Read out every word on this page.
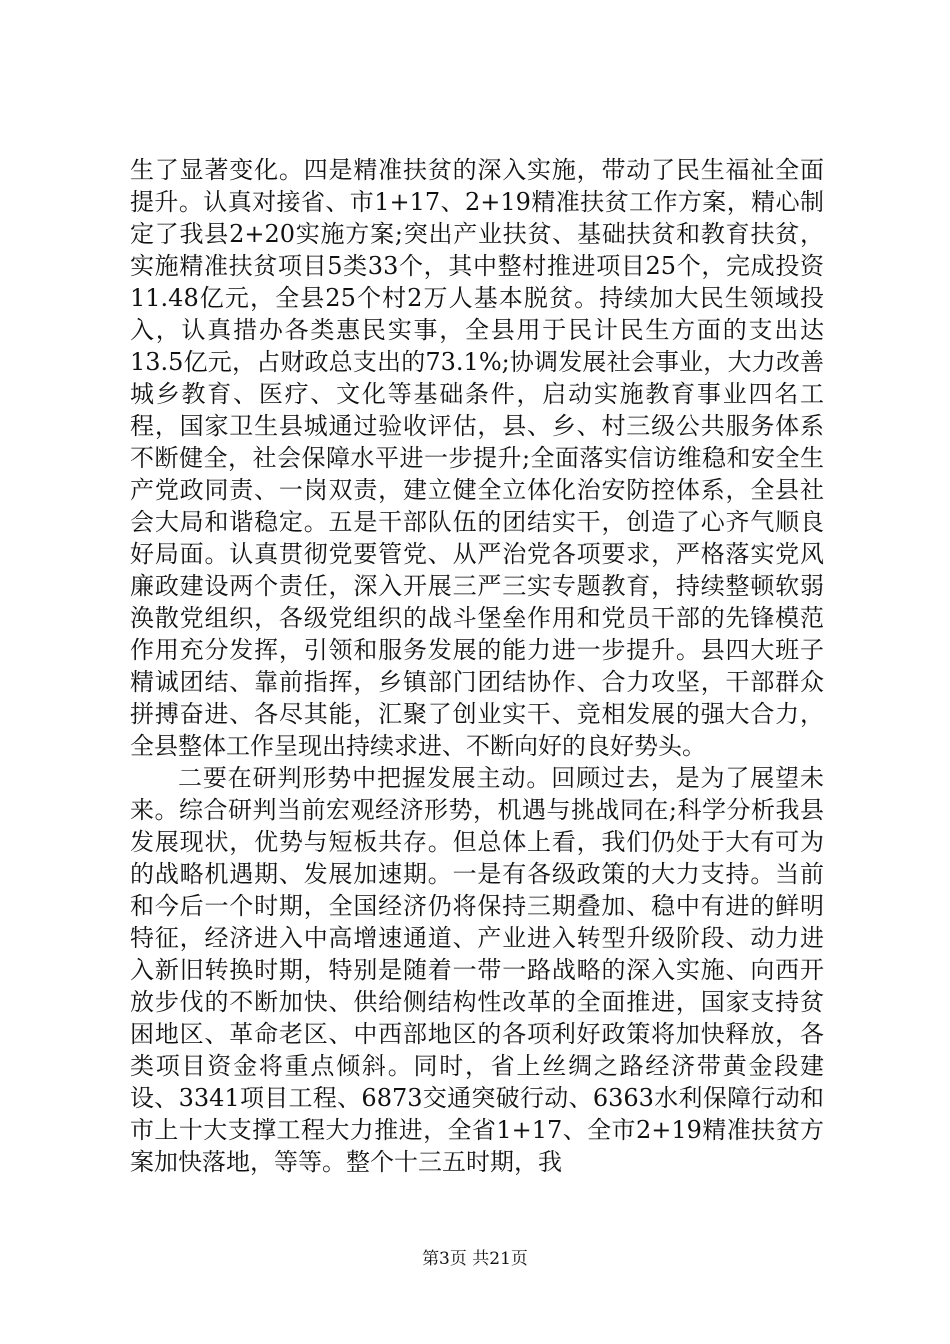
生了显著变化。四是精准扶贫的深入实施，带动了民生福祉全面提升。认真对接省、市1+17、2+19精准扶贫工作方案，精心制定了我县2+20实施方案;突出产业扶贫、基础扶贫和教育扶贫，实施精准扶贫项目5类33个，其中整村推进项目25个，完成投资11.48亿元，全县25个村2万人基本脱贫。持续加大民生领域投入，认真措办各类惠民实事，全县用于民计民生方面的支出达13.5亿元，占财政总支出的73.1%;协调发展社会事业，大力改善城乡教育、医疗、文化等基础条件，启动实施教育事业四名工程，国家卫生县城通过验收评估，县、乡、村三级公共服务体系不断健全，社会保障水平进一步提升;全面落实信访维稳和安全生产党政同责、一岗双责，建立健全立体化治安防控体系，全县社会大局和谐稳定。五是干部队伍的团结实干，创造了心齐气顺良好局面。认真贯彻党要管党、从严治党各项要求，严格落实党风廉政建设两个责任，深入开展三严三实专题教育，持续整顿软弱涣散党组织，各级党组织的战斗堡垒作用和党员干部的先锋模范作用充分发挥，引领和服务发展的能力进一步提升。县四大班子精诚团结、靠前指挥，乡镇部门团结协作、合力攻坚，干部群众拼搏奋进、各尽其能，汇聚了创业实干、竞相发展的强大合力，全县整体工作呈现出持续求进、不断向好的良好势头。

二要在研判形势中把握发展主动。回顾过去，是为了展望未来。综合研判当前宏观经济形势，机遇与挑战同在;科学分析我县发展现状，优势与短板共存。但总体上看，我们仍处于大有可为的战略机遇期、发展加速期。一是有各级政策的大力支持。当前和今后一个时期，全国经济仍将保持三期叠加、稳中有进的鲜明特征，经济进入中高增速通道、产业进入转型升级阶段、动力进入新旧转换时期，特别是随着一带一路战略的深入实施、向西开放步伐的不断加快、供给侧结构性改革的全面推进，国家支持贫困地区、革命老区、中西部地区的各项利好政策将加快释放，各类项目资金将重点倾斜。同时，省上丝绸之路经济带黄金段建设、3341项目工程、6873交通突破行动、6363水利保障行动和市上十大支撑工程大力推进，全省1+17、全市2+19精准扶贫方案加快落地，等等。整个十三五时期，我

第3页 共21页
